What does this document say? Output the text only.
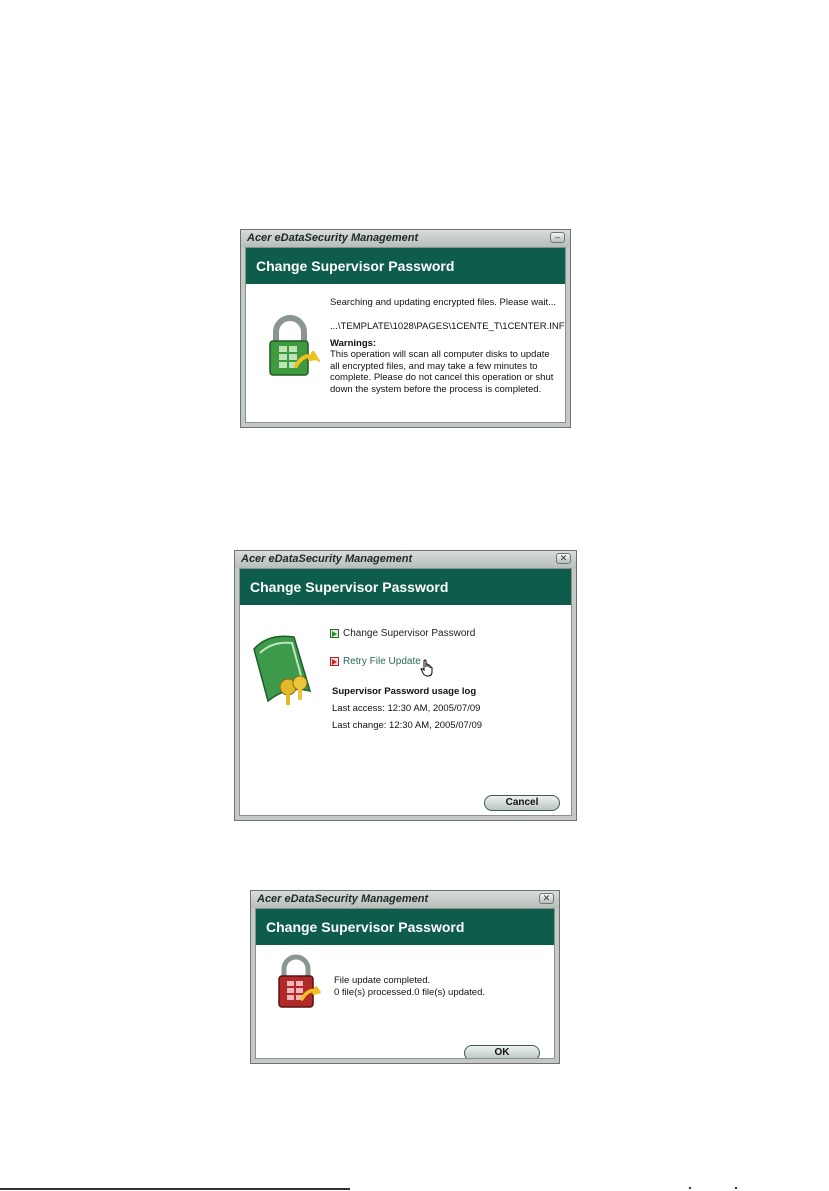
Acer eDataSecurity Management	–
Change Supervisor Password
Searching and updating encrypted files. Please wait...
...\TEMPLATE\1028\PAGES\1CENTE_T\1CENTER.INF
Warnings:
This operation will scan all computer disks to update all encrypted files, and may take a few minutes to complete. Please do not cancel this operation or shut down the system before the process is completed.
Acer eDataSecurity Management	✕
Change Supervisor Password
Change Supervisor Password
Retry File Update
Supervisor Password usage log
Last access: 12:30 AM, 2005/07/09
Last change: 12:30 AM, 2005/07/09
Cancel
Acer eDataSecurity Management	✕
Change Supervisor Password
File update completed.
0 file(s) processed.0 file(s) updated.
OK
